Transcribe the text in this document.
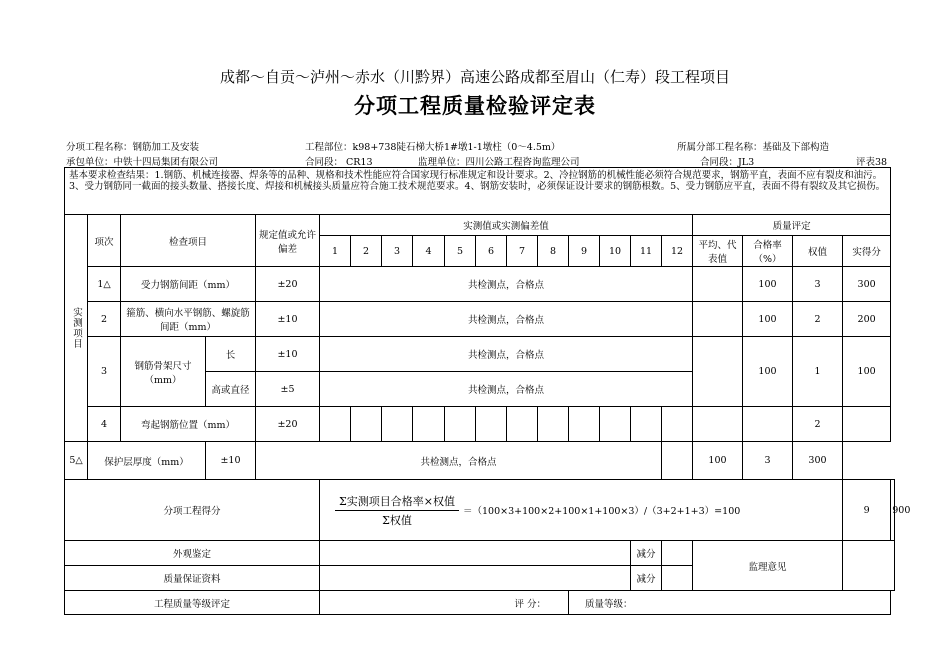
成都～自贡～泸州～赤水（川黔界）高速公路成都至眉山（仁寿）段工程项目
分项工程质量检验评定表
分项工程名称：钢筋加工及安装	工程部位：k98+738陡石梯大桥1#墩1-1墩柱（0～4.5m）	所属分部工程名称：基础及下部构造
承包单位：中铁十四局集团有限公司	合同段： CR13	监理单位：四川公路工程咨询监理公司	合同段：JL3	评表38
基本要求检查结果：1.钢筋、机械连接器、焊条等的品种、规格和技术性能应符合国家现行标准规定和设计要求。2、冷拉钢筋的机械性能必须符合规范要求，钢筋平直，表面不应有裂皮和油污。3、受力钢筋同一截面的接头数量、搭接长度、焊接和机械接头质量应符合施工技术规范要求。4、钢筋安装时，必须保证设计要求的钢筋根数。5、受力钢筋应平直，表面不得有裂纹及其它损伤。																					
实测项目	项次	检查项目		规定值或允许偏差	实测值或实测偏差值												质量评定				
					1	2	3	4	5	6	7	8	9	10	11	12	平均、代表值	合格率（%）	权值	实得分	
	1△	受力钢筋间距（mm）		±20	共检测点，合格点													100	3	300	
	2	箍筋、横向水平钢筋、螺旋筋间距（mm）		±10	共检测点，合格点													100	2	200	
	3	钢筋骨架尺寸（mm）	长	±10	共检测点，合格点													100	1	100	
			高或直径	±5	共检测点，合格点																
	4	弯起钢筋位置（mm）		±20															2		
5△	保护层厚度（mm）		±10	共检测点，合格点													100	3	300		
分项工程得分					$\frac{\text{Σ实测项目合格率×权值}}{\text{Σ权值}} =(100\times 3+100\times 2+100\times 1+100\times 3)/(3+2+1+3)=100$															9	900
外观鉴定															减分		监理意见				
质量保证资料															减分						
工程质量等级评定					评 分：								质量等级：								
